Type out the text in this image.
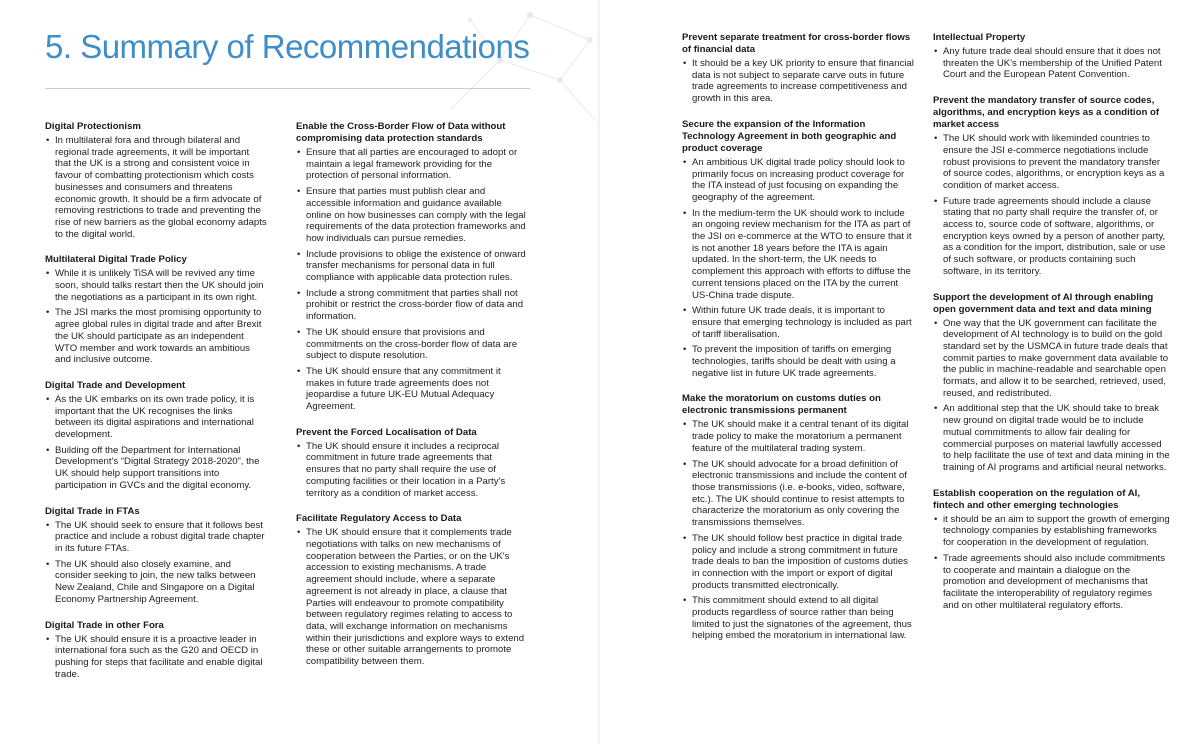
5. Summary of Recommendations
Digital Protectionism
• In multilateral fora and through bilateral and regional trade agreements, it will be important that the UK is a strong and consistent voice in favour of combatting protectionism which costs businesses and consumers and threatens economic growth. It should be a firm advocate of removing restrictions to trade and preventing the rise of new barriers as the global economy adapts to the digital world.
Multilateral Digital Trade Policy
• While it is unlikely TiSA will be revived any time soon, should talks restart then the UK should join the negotiations as a participant in its own right.
• The JSI marks the most promising opportunity to agree global rules in digital trade and after Brexit the UK should participate as an independent WTO member and work towards an ambitious and inclusive outcome.
Digital Trade and Development
• As the UK embarks on its own trade policy, it is important that the UK recognises the links between its digital aspirations and international development.
• Building off the Department for International Development's “Digital Strategy 2018-2020”, the UK should help support transitions into participation in GVCs and the digital economy.
Digital Trade in FTAs
• The UK should seek to ensure that it follows best practice and include a robust digital trade chapter in its future FTAs.
• The UK should also closely examine, and consider seeking to join, the new talks between New Zealand, Chile and Singapore on a Digital Economy Partnership Agreement.
Digital Trade in other Fora
• The UK should ensure it is a proactive leader in international fora such as the G20 and OECD in pushing for steps that facilitate and enable digital trade.
Enable the Cross-Border Flow of Data without compromising data protection standards
• Ensure that all parties are encouraged to adopt or maintain a legal framework providing for the protection of personal information.
• Ensure that parties must publish clear and accessible information and guidance available online on how businesses can comply with the legal requirements of the data protection frameworks and how individuals can pursue remedies.
• Include provisions to oblige the existence of onward transfer mechanisms for personal data in full compliance with applicable data protection rules.
• Include a strong commitment that parties shall not prohibit or restrict the cross-border flow of data and information.
• The UK should ensure that provisions and commitments on the cross-border flow of data are subject to dispute resolution.
• The UK should ensure that any commitment it makes in future trade agreements does not jeopardise a future UK-EU Mutual Adequacy Agreement.
Prevent the Forced Localisation of Data
• The UK should ensure it includes a reciprocal commitment in future trade agreements that ensures that no party shall require the use of computing facilities or their location in a Party's territory as a condition of market access.
Facilitate Regulatory Access to Data
• The UK should ensure that it complements trade negotiations with talks on new mechanisms of cooperation between the Parties, or on the UK's accession to existing mechanisms. A trade agreement should include, where a separate agreement is not already in place, a clause that Parties will endeavour to promote compatibility between regulatory regimes relating to access to data, will exchange information on mechanisms within their jurisdictions and explore ways to extend these or other suitable arrangements to promote compatibility between them.
Prevent separate treatment for cross-border flows of financial data
• It should be a key UK priority to ensure that financial data is not subject to separate carve outs in future trade agreements to increase competitiveness and growth in this area.
Secure the expansion of the Information Technology Agreement in both geographic and product coverage
• An ambitious UK digital trade policy should look to primarily focus on increasing product coverage for the ITA instead of just focusing on expanding the geography of the agreement.
• In the medium-term the UK should work to include an ongoing review mechanism for the ITA as part of the JSI on e-commerce at the WTO to ensure that it is not another 18 years before the ITA is again updated. In the short-term, the UK needs to complement this approach with efforts to diffuse the current tensions placed on the ITA by the current US-China trade dispute.
• Within future UK trade deals, it is important to ensure that emerging technology is included as part of tariff liberalisation.
• To prevent the imposition of tariffs on emerging technologies, tariffs should be dealt with using a negative list in future UK trade agreements.
Make the moratorium on customs duties on electronic transmissions permanent
• The UK should make it a central tenant of its digital trade policy to make the moratorium a permanent feature of the multilateral trading system.
• The UK should advocate for a broad definition of electronic transmissions and include the content of those transmissions (i.e. e-books, video, software, etc.). The UK should continue to resist attempts to characterize the moratorium as only covering the transmissions themselves.
• The UK should follow best practice in digital trade policy and include a strong commitment in future trade deals to ban the imposition of customs duties in connection with the import or export of digital products transmitted electronically.
• This commitment should extend to all digital products regardless of source rather than being limited to just the signatories of the agreement, thus helping embed the moratorium in international law.
Intellectual Property
• Any future trade deal should ensure that it does not threaten the UK's membership of the Unified Patent Court and the European Patent Convention.
Prevent the mandatory transfer of source codes, algorithms, and encryption keys as a condition of market access
• The UK should work with likeminded countries to ensure the JSI e-commerce negotiations include robust provisions to prevent the mandatory transfer of source codes, algorithms, or encryption keys as a condition of market access.
• Future trade agreements should include a clause stating that no party shall require the transfer of, or access to, source code of software, algorithms, or encryption keys owned by a person of another party, as a condition for the import, distribution, sale or use of such software, or products containing such software, in its territory.
Support the development of AI through enabling open government data and text and data mining
• One way that the UK government can facilitate the development of AI technology is to build on the gold standard set by the USMCA in future trade deals that commit parties to make government data available to the public in machine-readable and searchable open formats, and allow it to be searched, retrieved, used, reused, and redistributed.
• An additional step that the UK should take to break new ground on digital trade would be to include mutual commitments to allow fair dealing for commercial purposes on material lawfully accessed to help facilitate the use of text and data mining in the training of AI programs and artificial neural networks.
Establish cooperation on the regulation of AI, fintech and other emerging technologies
• it should be an aim to support the growth of emerging technology companies by establishing frameworks for cooperation in the development of regulation.
• Trade agreements should also include commitments to cooperate and maintain a dialogue on the promotion and development of mechanisms that facilitate the interoperability of regulatory regimes and on other multilateral regulatory efforts.
